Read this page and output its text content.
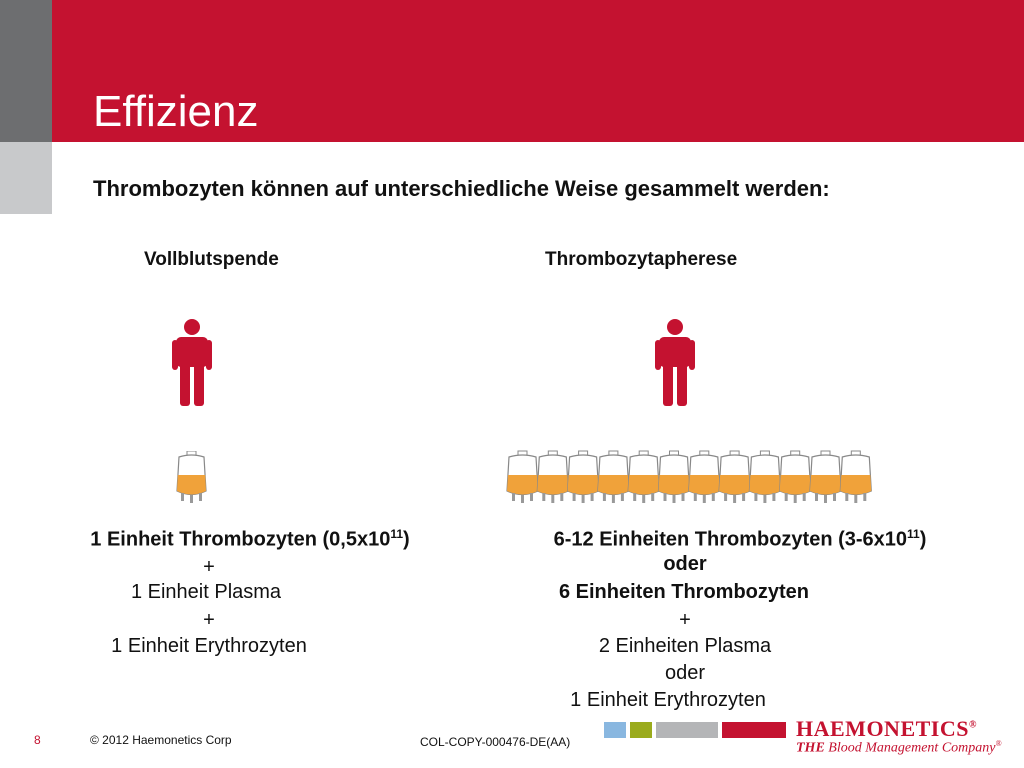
Effizienz
Thrombozyten können auf unterschiedliche Weise gesammelt werden:
Vollblutspende	Thrombozytapherese
1 Einheit Thrombozyten $(0,5x10^{11})$
+
1 Einheit Plasma
+
1 Einheit Erythrozyten
6-12 Einheiten Thrombozyten $(3-6x10^{11})$
oder
6 Einheiten Thrombozyten
+
2 Einheiten Plasma
oder
1 Einheit Erythrozyten
8	© 2012 Haemonetics Corp	COL-COPY-000476-DE(AA)
HAEMONETICS®
THE Blood Management Company®
